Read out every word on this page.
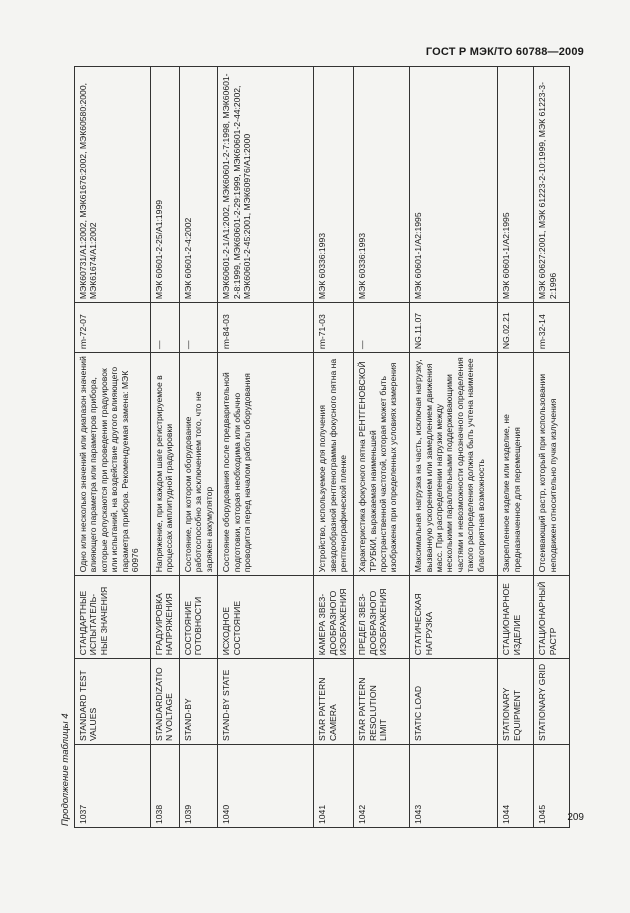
ГОСТ Р МЭК/ТО 60788—2009
Продолжение таблицы 4 1037	STANDARD TEST VALUES	СТАНДАРТНЫЕ ИСПЫТАТЕЛЬНЫЕ ЗНАЧЕНИЯ	Одно или несколько значений или диапазон значений влияющего параметра или параметров прибора, которые допускаются при проведении градуировок или испытаний, на воздействие другого влияющего параметра прибора. Рекомендуемая замена: МЭК 60976	rm-72-07	МЭК60731/А1:2002, МЭК61676:2002, МЭК60580:2000, МЭК61674/А1:2002
1038	STANDARDIZATION VOLTAGE	ГРАДУИРОВКА НАПРЯЖЕНИЯ	Напряжение, при каждом шаге регистрируемое в процессах амплитудной градуировки	—	МЭК 60601-2-25/А1:1999
1039	STAND-BY	СОСТОЯНИЕ ГОТОВНОСТИ	Состояние, при котором оборудование работоспособно за исключением того, что не заряжен аккумулятор	—	МЭК 60601-2-4:2002
1040	STAND-BY STATE	ИСХОДНОЕ СОСТОЯНИЕ	Состояние оборудования после предварительной подготовки, которая необходима или обычно проводится перед началом работы оборудования	rm-84-03	МЭК60601-2-1/А1:2002, МЭК60601-2-7:1998, МЭК60601-2-8:1999, МЭК60601-2-29:1999, МЭК60601-2-44:2002, МЭК60601-2-45:2001, МЭК60976/А1:2000
1041	STAR PATTERN CAMERA	КАМЕРА ЗВЕЗДООБРАЗНОГО ИЗОБРАЖЕНИЯ	Устройство, используемое для получения звездообразной рентгенограммы фокусного пятна на рентгенографической пленке	rm-71-03	МЭК 60336:1993
1042	STAR PATTERN RESOLUTION LIMIT	ПРЕДЕЛ ЗВЕЗДООБРАЗНОГО ИЗОБРАЖЕНИЯ	Характеристика фокусного пятна РЕНТГЕНОВСКОЙ ТРУБКИ, выражаемая наименьшей пространственной частотой, которая может быть изображена при определенных условиях измерения	—	МЭК 60336:1993
1043	STATIC LOAD	СТАТИЧЕСКАЯ НАГРУЗКА	Максимальная нагрузка на часть, исключая нагрузку, вызванную ускорением или замедлением движения масс. При распределении нагрузки между несколькими параллельными поддерживающими частями и невозможности однозначного определения такого распределения должна быть учтена наименее благоприятная возможность	NG.11.07	МЭК 60601-1/А2:1995
1044	STATIONARY EQUIPMENT	СТАЦИОНАРНОЕ ИЗДЕЛИЕ	Закрепленное изделие или изделие, не предназначенное для перемещения	NG.02.21	МЭК 60601-1/А2:1995
1045	STATIONARY GRID	СТАЦИОНАРНЫЙ РАСТР	Отсеивающий растр, который при использовании неподвижен относительно пучка излучения	rm-32-14	МЭК 60627:2001, МЭК 61223-2-10:1999, МЭК 61223-3-2:1996
209
